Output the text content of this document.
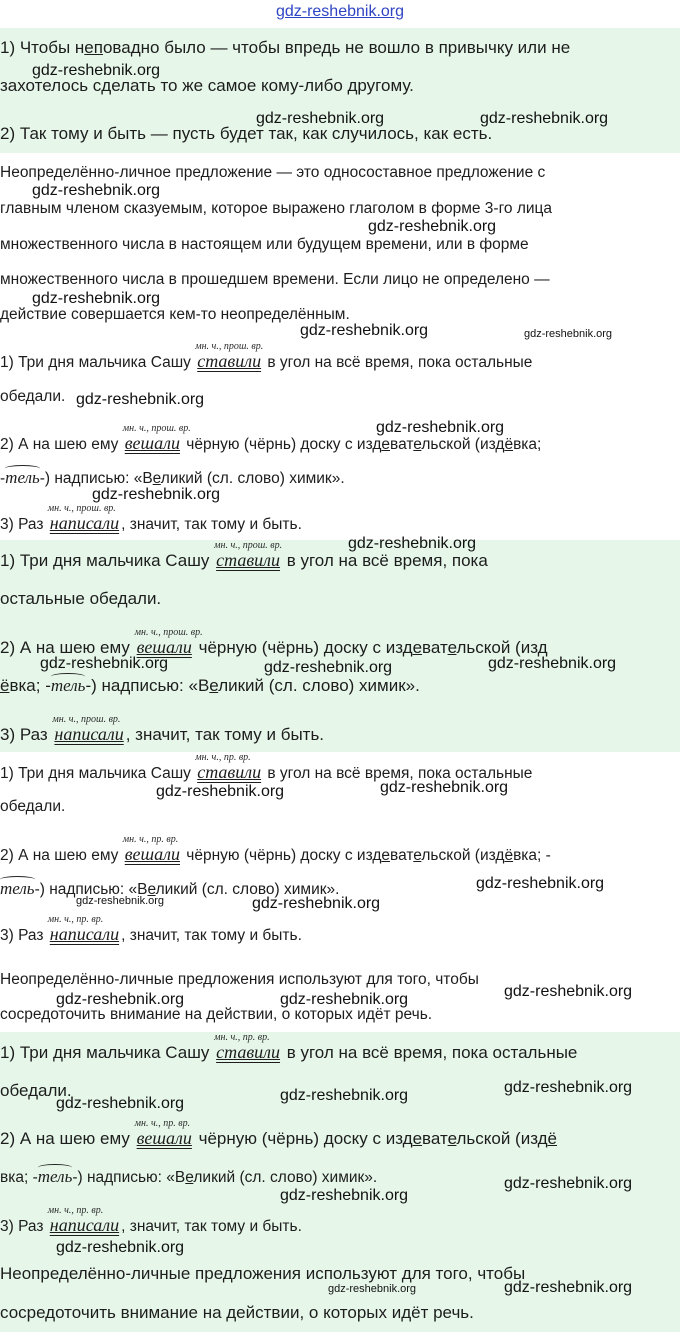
gdz-reshebnik.org
1) Чтобы неповадно было — чтобы впредь не вошло в привычку или не
захотелось сделать то же самое кому-либо другому.
2) Так тому и быть — пусть будет так, как случилось, как есть.
Неопределённо-личное предложение — это односоставное предложение с
главным членом сказуемым, которое выражено глаголом в форме 3-го лица
множественного числа в настоящем или будущем времени, или в форме
множественного числа в прошедшем времени. Если лицо не определено —
действие совершается кем-то неопределённым.
1) Три дня мальчика Сашу
мн. ч., прош. вр.
ставили в угол на всё время, пока остальные
обедали.
2) А на шею ему
мн. ч., прош. вр.
вешали чёрную (чёрнь) доску с издевательской (издёвка;
-тель-) надписью: «Великий (сл. слово) химик».
3) Раз
мн. ч., прош. вр.
написали , значит, так тому и быть.
1) Три дня мальчика Сашу
мн. ч., прош. вр.
ставили в угол на всё время, пока
остальные обедали.
2) А на шею ему
мн. ч., прош. вр.
вешали чёрную (чёрнь) доску с издевательской (изд
ёвка; -тель-) надписью: «Великий (сл. слово) химик».
3) Раз
мн. ч., прош. вр.
написали , значит, так тому и быть.
1) Три дня мальчика Сашу
мн. ч., пр. вр.
ставили в угол на всё время, пока остальные
обедали.
2) А на шею ему
мн. ч., пр. вр.
вешали чёрную (чёрнь) доску с издевательской (издёвка; -
тель-) надписью: «Великий (сл. слово) химик».
3) Раз
мн. ч., пр. вр.
написали , значит, так тому и быть.
Неопределённо-личные предложения используют для того, чтобы
сосредоточить внимание на действии, о которых идёт речь.
1) Три дня мальчика Сашу
мн. ч., пр. вр.
ставили в угол на всё время, пока остальные
обедали.
2) А на шею ему
мн. ч., пр. вр.
вешали чёрную (чёрнь) доску с издевательской (издё
вка; -тель-) надписью: «Великий (сл. слово) химик».
3) Раз
мн. ч., пр. вр.
написали , значит, так тому и быть.
Неопределённо-личные предложения используют для того, чтобы
сосредоточить внимание на действии, о которых идёт речь.
gdz-reshebnik.org
gdz-reshebnik.org	gdz-reshebnik.org
gdz-reshebnik.org
gdz-reshebnik.org
gdz-reshebnik.org
gdz-reshebnik.org	gdz-reshebnik.org
gdz-reshebnik.org
gdz-reshebnik.org
gdz-reshebnik.org
gdz-reshebnik.org
gdz-reshebnik.org	gdz-reshebnik.org	gdz-reshebnik.org
gdz-reshebnik.org	gdz-reshebnik.org
gdz-reshebnik.org
gdz-reshebnik.org	gdz-reshebnik.org
gdz-reshebnik.org	gdz-reshebnik.org	gdz-reshebnik.org
gdz-reshebnik.org
gdz-reshebnik.org	gdz-reshebnik.org
gdz-reshebnik.org
gdz-reshebnik.org
gdz-reshebnik.org
gdz-reshebnik.org
gdz-reshebnik.org
